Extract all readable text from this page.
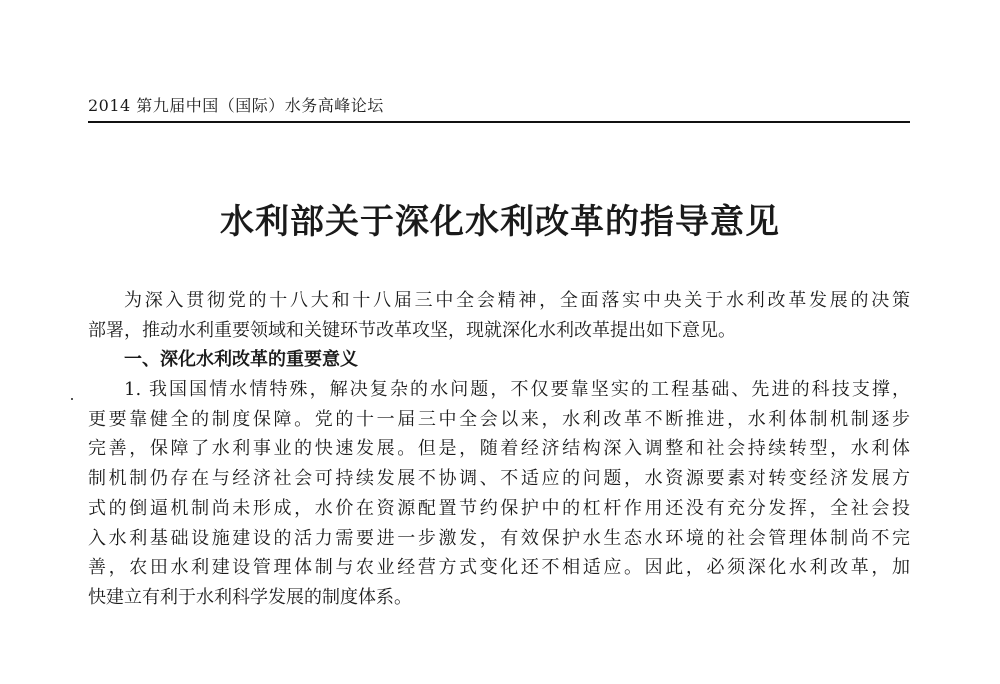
2014 第九届中国（国际）水务高峰论坛
水利部关于深化水利改革的指导意见

为深入贯彻党的十八大和十八届三中全会精神，全面落实中央关于水利改革发展的决策
部署，推动水利重要领域和关键环节改革攻坚，现就深化水利改革提出如下意见。

一、深化水利改革的重要意义

1. 我国国情水情特殊，解决复杂的水问题，不仅要靠坚实的工程基础、先进的科技支撑，
更要靠健全的制度保障。党的十一届三中全会以来，水利改革不断推进，水利体制机制逐步
完善，保障了水利事业的快速发展。但是，随着经济结构深入调整和社会持续转型，水利体
制机制仍存在与经济社会可持续发展不协调、不适应的问题，水资源要素对转变经济发展方
式的倒逼机制尚未形成，水价在资源配置节约保护中的杠杆作用还没有充分发挥，全社会投
入水利基础设施建设的活力需要进一步激发，有效保护水生态水环境的社会管理体制尚不完
善，农田水利建设管理体制与农业经营方式变化还不相适应。因此，必须深化水利改革，加
快建立有利于水利科学发展的制度体系。
